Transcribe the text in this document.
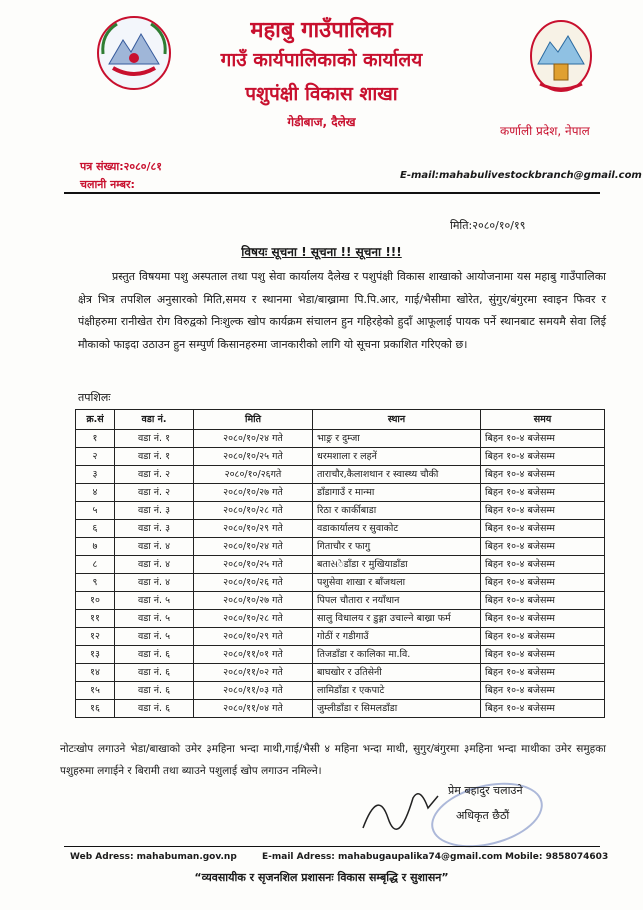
महाबु गाउँपालिका
गाउँ कार्यपालिकाको कार्यालय
पशुपंक्षी विकास शाखा
गेडीबाज, दैलेख
कर्णाली प्रदेश, नेपाल
पत्र संख्या:२०८०/८१
चलानी नम्बर:
E-mail:mahabulivestockbranch@gmail.com
मिति:२०८०/१०/१९
विषयः सूचना ! सूचना !! सूचना !!!
प्रस्तुत विषयमा पशु अस्पताल तथा पशु सेवा कार्यालय दैलेख र पशुपंक्षी विकास शाखाको आयोजनामा यस महाबु गाउँपालिका क्षेत्र भित्र तपशिल अनुसारको मिति,समय र स्थानमा भेडा/बाख्रामा पि.पि.आर, गाई/भैसीमा खोरेत, सुंगुर/बंगुरमा स्वाइन फिवर र पंक्षीहरुमा रानीखेत रोग विरुद्वको निःशुल्क खोप कार्यक्रम संचालन हुन गहिरहेको हुदाँ आफूलाई पायक पर्ने स्थानबाट समयमै सेवा लिई मौकाको फाइदा उठाउन हुन सम्पुर्ण किसानहरुमा जानकारीको लागि यो सूचना प्रकाशित गरिएको छ।
तपशिलः
क्र.सं	वडा नं.	मिति	स्थान	समय
१	वडा नं. १	२०८०/१०/२४ गते	भाङ्र र दुम्जा	बिहन १०-४ बजेसम्म
२	वडा नं. १	२०८०/१०/२५ गते	धरमशाला र लहनें	बिहन १०-४ बजेसम्म
३	वडा नं. २	२०८०/१०/२६गते	ताराचौर,कैलाशथान र स्वास्थ्य चौकी	बिहन १०-४ बजेसम्म
४	वडा नं. २	२०८०/१०/२७ गते	डाँडागाउँ र मान्मा	बिहन १०-४ बजेसम्म
५	वडा नं. ३	२०८०/१०/२८ गते	रिठा र कार्कीबाडा	बिहन १०-४ बजेसम्म
६	वडा नं. ३	२०८०/१०/२९ गते	वडाकार्यालय र सुवाकोट	बिहन १०-४ बजेसम्म
७	वडा नं. ४	२०८०/१०/२४ गते	गिताचौर र फागु	बिहन १०-४ बजेसम्म
८	वडा नं. ४	२०८०/१०/२५ गते	बताસेडाँडा र मुखियाडाँडा	बिहन १०-४ बजेसम्म
९	वडा नं. ४	२०८०/१०/२६ गते	पशुसेवा शाखा र बाँजथला	बिहन १०-४ बजेसम्म
१०	वडा नं. ५	२०८०/१०/२७ गते	पिपल चौतारा र नयाँथान	बिहन १०-४ बजेसम्म
११	वडा नं. ५	२०८०/१०/२८ गते	सालु विधालय र डुङ्गा उचाल्ने बाख्रा फर्म	बिहन १०-४ बजेसम्म
१२	वडा नं. ५	२०८०/१०/२९ गते	गोठीं र गडीगाउँ	बिहन १०-४ बजेसम्म
१३	वडा नं. ६	२०८०/११/०१ गते	तिजडाँडा र कालिका मा.वि.	बिहन १०-४ बजेसम्म
१४	वडा नं. ६	२०८०/११/०२ गते	बाघखोर र उतिसेनी	बिहन १०-४ बजेसम्म
१५	वडा नं. ६	२०८०/११/०३ गते	लामिडाँडा र एकपाटे	बिहन १०-४ बजेसम्म
१६	वडा नं. ६	२०८०/११/०४ गते	जुम्लीडाँडा र सिमलडाँडा	बिहन १०-४ बजेसम्म
नोटःखोप लगाउने भेडा/बाखाको उमेर ३महिना भन्दा माथी,गाई/भैसी ४ महिना भन्दा माथी, सुगुर/बंगुरमा ३महिना भन्दा माथीका उमेर समुहका पशुहरुमा लगाईने र बिरामी तथा ब्याउने पशुलाई खोप लगाउन नमिल्ने।
प्रेम बहादुर चलाउने
अधिकृत छैठौं
Web Adress: mahabuman.gov.np	E-mail Adress: mahabugaupalika74@gmail.com Mobile: 9858074603
“व्यवसायीक र सृजनशिल प्रशासनः विकास सम्बृद्धि र सुशासन”
